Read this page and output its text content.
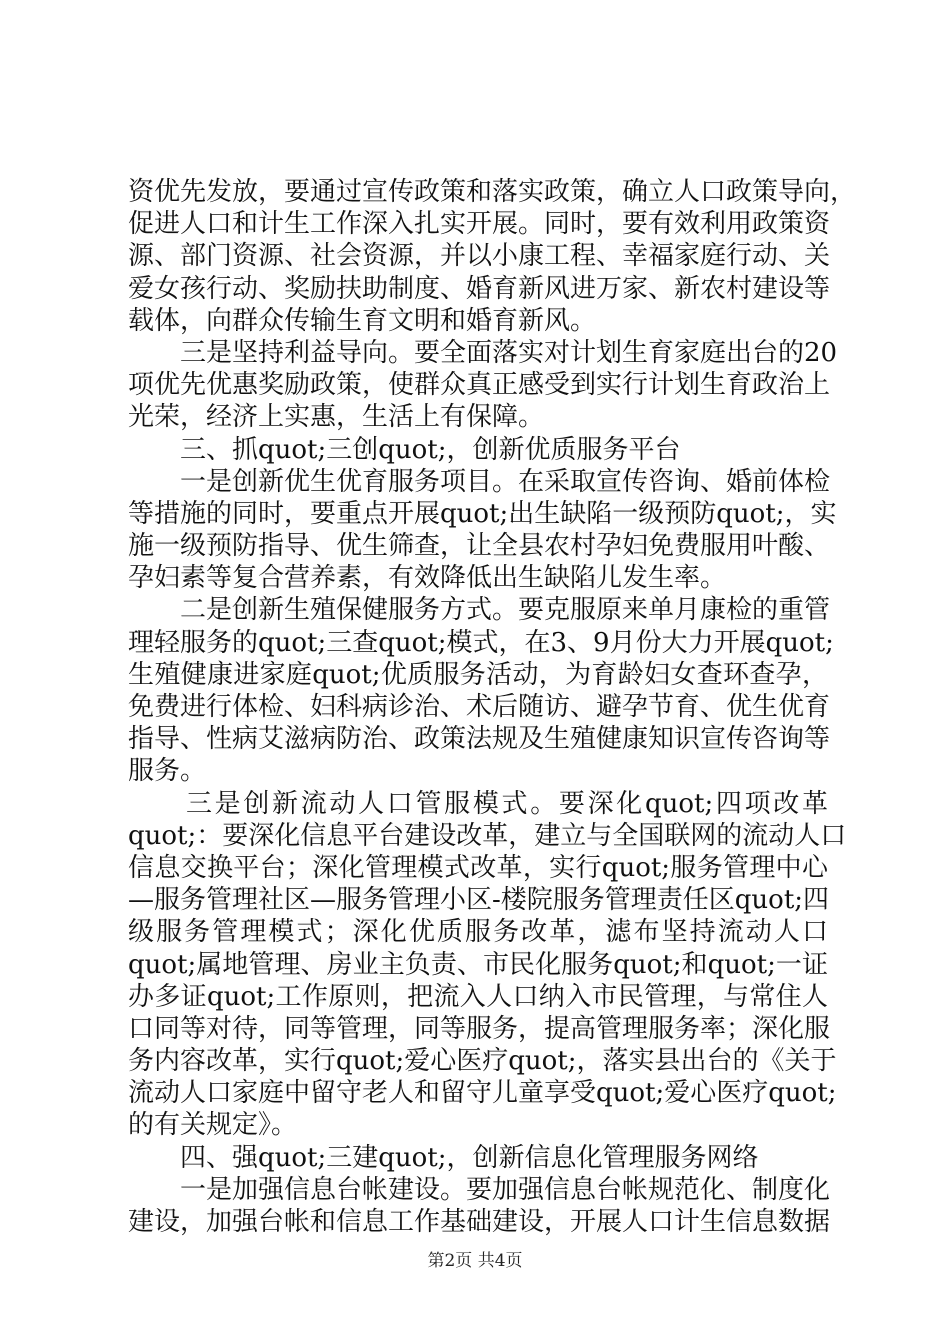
资优先发放，要通过宣传政策和落实政策，确立人口政策导向，
促进人口和计生工作深入扎实开展。同时，要有效利用政策资
源、部门资源、社会资源，并以小康工程、幸福家庭行动、关
爱女孩行动、奖励扶助制度、婚育新风进万家、新农村建设等
载体，向群众传输生育文明和婚育新风。
三是坚持利益导向。要全面落实对计划生育家庭出台的20
项优先优惠奖励政策，使群众真正感受到实行计划生育政治上
光荣，经济上实惠，生活上有保障。
三、抓quot;三创quot;，创新优质服务平台
一是创新优生优育服务项目。在采取宣传咨询、婚前体检
等措施的同时，要重点开展quot;出生缺陷一级预防quot;，实
施一级预防指导、优生筛查，让全县农村孕妇免费服用叶酸、
孕妇素等复合营养素，有效降低出生缺陷儿发生率。
二是创新生殖保健服务方式。要克服原来单月康检的重管
理轻服务的quot;三查quot;模式，在3、9月份大力开展quot;
生殖健康进家庭quot;优质服务活动，为育龄妇女查环查孕，
免费进行体检、妇科病诊治、术后随访、避孕节育、优生优育
指导、性病艾滋病防治、政策法规及生殖健康知识宣传咨询等
服务。
三是创新流动人口管服模式。要深化quot;四项改革
quot;：要深化信息平台建设改革，建立与全国联网的流动人口
信息交换平台；深化管理模式改革，实行quot;服务管理中心
—服务管理社区—服务管理小区-楼院服务管理责任区quot;四
级服务管理模式；深化优质服务改革，滤布坚持流动人口
quot;属地管理、房业主负责、市民化服务quot;和quot;一证
办多证quot;工作原则，把流入人口纳入市民管理，与常住人
口同等对待，同等管理，同等服务，提高管理服务率；深化服
务内容改革，实行quot;爱心医疗quot;，落实县出台的《关于
流动人口家庭中留守老人和留守儿童享受quot;爱心医疗quot;
的有关规定》。
四、强quot;三建quot;，创新信息化管理服务网络
一是加强信息台帐建设。要加强信息台帐规范化、制度化
建设，加强台帐和信息工作基础建设，开展人口计生信息数据
第2页 共4页
